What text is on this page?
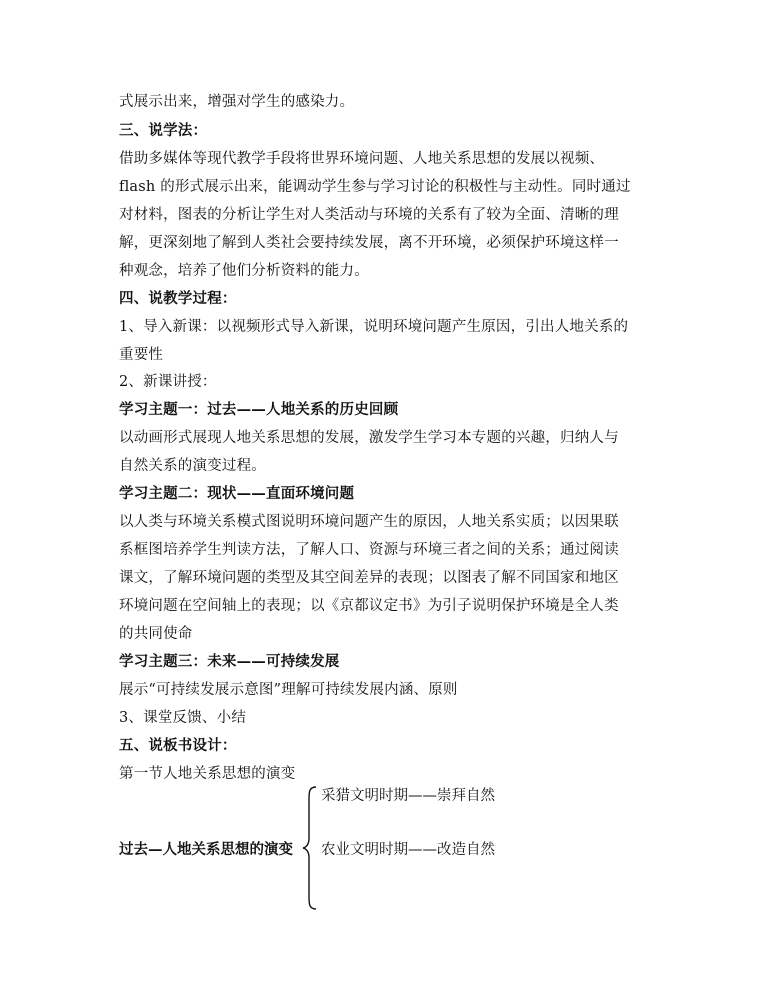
式展示出来，增强对学生的感染力。
三、说学法：
借助多媒体等现代教学手段将世界环境问题、人地关系思想的发展以视频、
flash 的形式展示出来，能调动学生参与学习讨论的积极性与主动性。同时通过
对材料，图表的分析让学生对人类活动与环境的关系有了较为全面、清晰的理
解，更深刻地了解到人类社会要持续发展，离不开环境，必须保护环境这样一
种观念，培养了他们分析资料的能力。
四、说教学过程：
1、导入新课：以视频形式导入新课，说明环境问题产生原因，引出人地关系的
重要性
2、新课讲授：
学习主题一：过去——人地关系的历史回顾
以动画形式展现人地关系思想的发展，激发学生学习本专题的兴趣，归纳人与
自然关系的演变过程。
学习主题二：现状——直面环境问题
以人类与环境关系模式图说明环境问题产生的原因，人地关系实质；以因果联
系框图培养学生判读方法，了解人口、资源与环境三者之间的关系；通过阅读
课文，了解环境问题的类型及其空间差异的表现；以图表了解不同国家和地区
环境问题在空间轴上的表现；以《京都议定书》为引子说明保护环境是全人类
的共同使命
学习主题三：未来——可持续发展
展示“可持续发展示意图”理解可持续发展内涵、原则
3、课堂反馈、小结
五、说板书设计：
第一节人地关系思想的演变
过去—人地关系思想的演变
采猎文明时期——崇拜自然
农业文明时期——改造自然
